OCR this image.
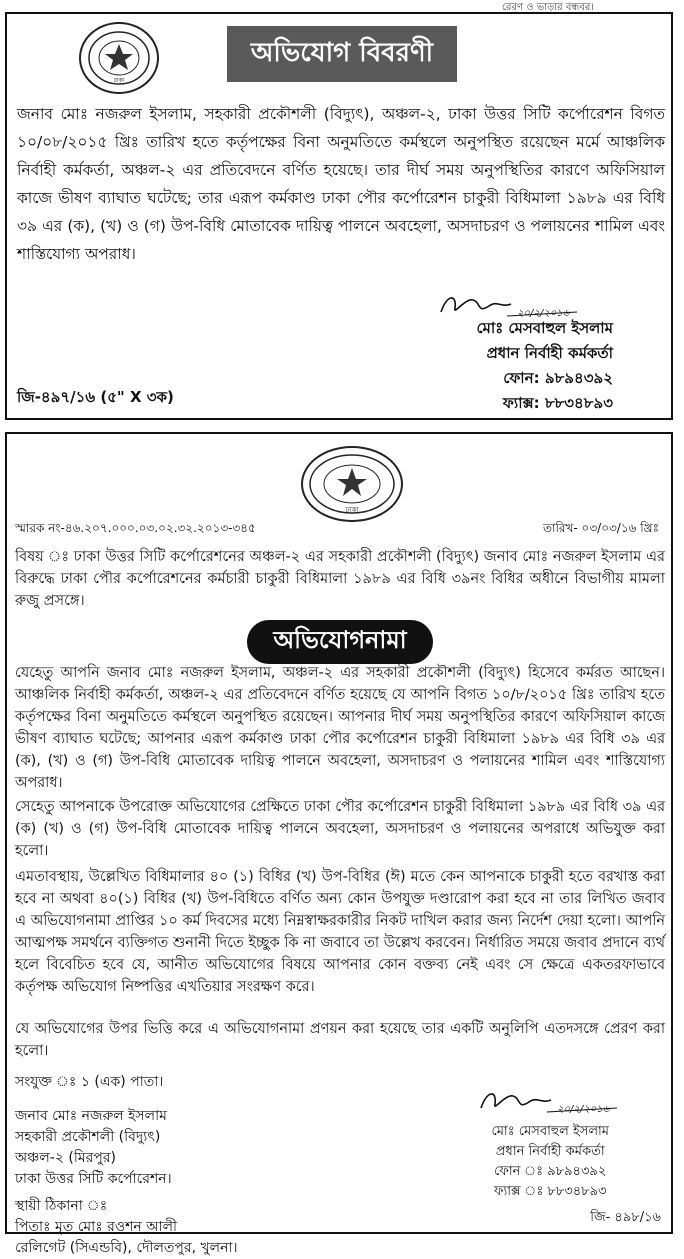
রেরণ ও ভাড়ার বন্ধবর।
ঢাকা
অভিযোগ বিবরণী
জনাব মোঃ নজরুল ইসলাম, সহকারী প্রকৌশলী (বিদ্যুৎ), অঞ্চল-২, ঢাকা উত্তর সিটি কর্পোরেশন বিগত ১০/০৮/২০১৫ খ্রিঃ তারিখ হতে কর্তৃপক্ষের বিনা অনুমতিতে কর্মস্থলে অনুপস্থিত রয়েছেন মর্মে আঞ্চলিক নির্বাহী কর্মকর্তা, অঞ্চল-২ এর প্রতিবেদনে বর্ণিত হয়েছে। তার দীর্ঘ সময় অনুপস্থিতির কারণে অফিসিয়াল কাজে ভীষণ ব্যাঘাত ঘটেছে; তার এরূপ কর্মকাণ্ড ঢাকা পৌর কর্পোরেশন চাকুরী বিধিমালা ১৯৮৯ এর বিধি ৩৯ এর (ক), (খ) ও (গ) উপ-বিধি মোতাবেক দায়িত্ব পালনে অবহেলা, অসদাচরণ ও পলায়নের শামিল এবং শাস্তিযোগ্য অপরাধ।
২০/২/২০১৬
মোঃ মেসবাহুল ইসলাম
প্রধান নির্বাহী কর্মকর্তা
ফোন: ৯৮৯৪৩৯২
ফ্যাক্স: ৮৮৩৪৮৯৩
জি-৪৯৭/১৬ (৫" X ৩ক)
ঢাকা
স্মারক নং-৪৬.২০৭.০০০.০৩.০২.৩২.২০১৩-৩৪৫	তারিখ- ০৩/০৩/১৬ খ্রিঃ
বিষয় ঃ ঢাকা উত্তর সিটি কর্পোরেশনের অঞ্চল-২ এর সহকারী প্রকৌশলী (বিদ্যুৎ) জনাব মোঃ নজরুল ইসলাম এর বিরুদ্ধে ঢাকা পৌর কর্পোরেশনের কর্মচারী চাকুরী বিধিমালা ১৯৮৯ এর বিধি ৩৯নং বিধির অধীনে বিভাগীয় মামলা রুজু প্রসঙ্গে।
অভিযোগনামা
যেহেতু আপনি জনাব মোঃ নজরুল ইসলাম, অঞ্চল-২ এর সহকারী প্রকৌশলী (বিদ্যুৎ) হিসেবে কর্মরত আছেন। আঞ্চলিক নির্বাহী কর্মকর্তা, অঞ্চল-২ এর প্রতিবেদনে বর্ণিত হয়েছে যে আপনি বিগত ১০/৮/২০১৫ খ্রিঃ তারিখ হতে কর্তৃপক্ষের বিনা অনুমতিতে কর্মস্থলে অনুপস্থিত রয়েছেন। আপনার দীর্ঘ সময় অনুপস্থিতির কারণে অফিসিয়াল কাজে ভীষণ ব্যাঘাত ঘটেছে; আপনার এরূপ কর্মকাণ্ড ঢাকা পৌর কর্পোরেশন চাকুরী বিধিমালা ১৯৮৯ এর বিধি ৩৯ এর (ক), (খ) ও (গ) উপ-বিধি মোতাবেক দায়িত্ব পালনে অবহেলা, অসদাচরণ ও পলায়নের শামিল এবং শাস্তিযোগ্য অপরাধ।
সেহেতু আপনাকে উপরোক্ত অভিযোগের প্রেক্ষিতে ঢাকা পৌর কর্পোরেশন চাকুরী বিধিমালা ১৯৮৯ এর বিধি ৩৯ এর (ক) (খ) ও (গ) উপ-বিধি মোতাবেক দায়িত্ব পালনে অবহেলা, অসদাচরণ ও পলায়নের অপরাধে অভিযুক্ত করা হলো।
এমতাবস্থায়, উল্লেখিত বিধিমালার ৪০ (১) বিধির (খ) উপ-বিধির (ঈ) মতে কেন আপনাকে চাকুরী হতে বরখাস্ত করা হবে না অথবা ৪০(১) বিধির (খ) উপ-বিধিতে বর্ণিত অন্য কোন উপযুক্ত দণ্ডারোপ করা হবে না তার লিখিত জবাব এ অভিযোগনামা প্রাপ্তির ১০ কর্ম দিবসের মধ্যে নিম্নস্বাক্ষরকারীর নিকট দাখিল করার জন্য নির্দেশ দেয়া হলো। আপনি আত্মপক্ষ সমর্থনে ব্যক্তিগত শুনানী দিতে ইচ্ছুক কি না জবাবে তা উল্লেখ করবেন। নির্ধারিত সময়ে জবাব প্রদানে ব্যর্থ হলে বিবেচিত হবে যে, আনীত অভিযোগের বিষয়ে আপনার কোন বক্তব্য নেই এবং সে ক্ষেত্রে একতরফাভাবে কর্তৃপক্ষ অভিযোগ নিষ্পত্তির এখতিয়ার সংরক্ষণ করে।
যে অভিযোগের উপর ভিত্তি করে এ অভিযোগনামা প্রণয়ন করা হয়েছে তার একটি অনুলিপি এতদসঙ্গে প্রেরণ করা হলো।
সংযুক্ত ঃ ১ (এক) পাতা।
জনাব মোঃ নজরুল ইসলাম
সহকারী প্রকৌশলী (বিদ্যুৎ)
অঞ্চল-২ (মিরপুর)
ঢাকা উত্তর সিটি কর্পোরেশন।
স্থায়ী ঠিকানা ঃ
পিতাঃ মৃত মোঃ রওশন আলী
রেলিগেট (সিএন্ডবি), দৌলতপুর, খুলনা।
২০/২/২০১৬
মোঃ মেসবাহুল ইসলাম
প্রধান নির্বাহী কর্মকর্তা
ফোন ঃ ৯৮৯৪৩৯২
ফ্যাক্স ঃ ৮৮৩৪৮৯৩
জি- ৪৯৮/১৬
